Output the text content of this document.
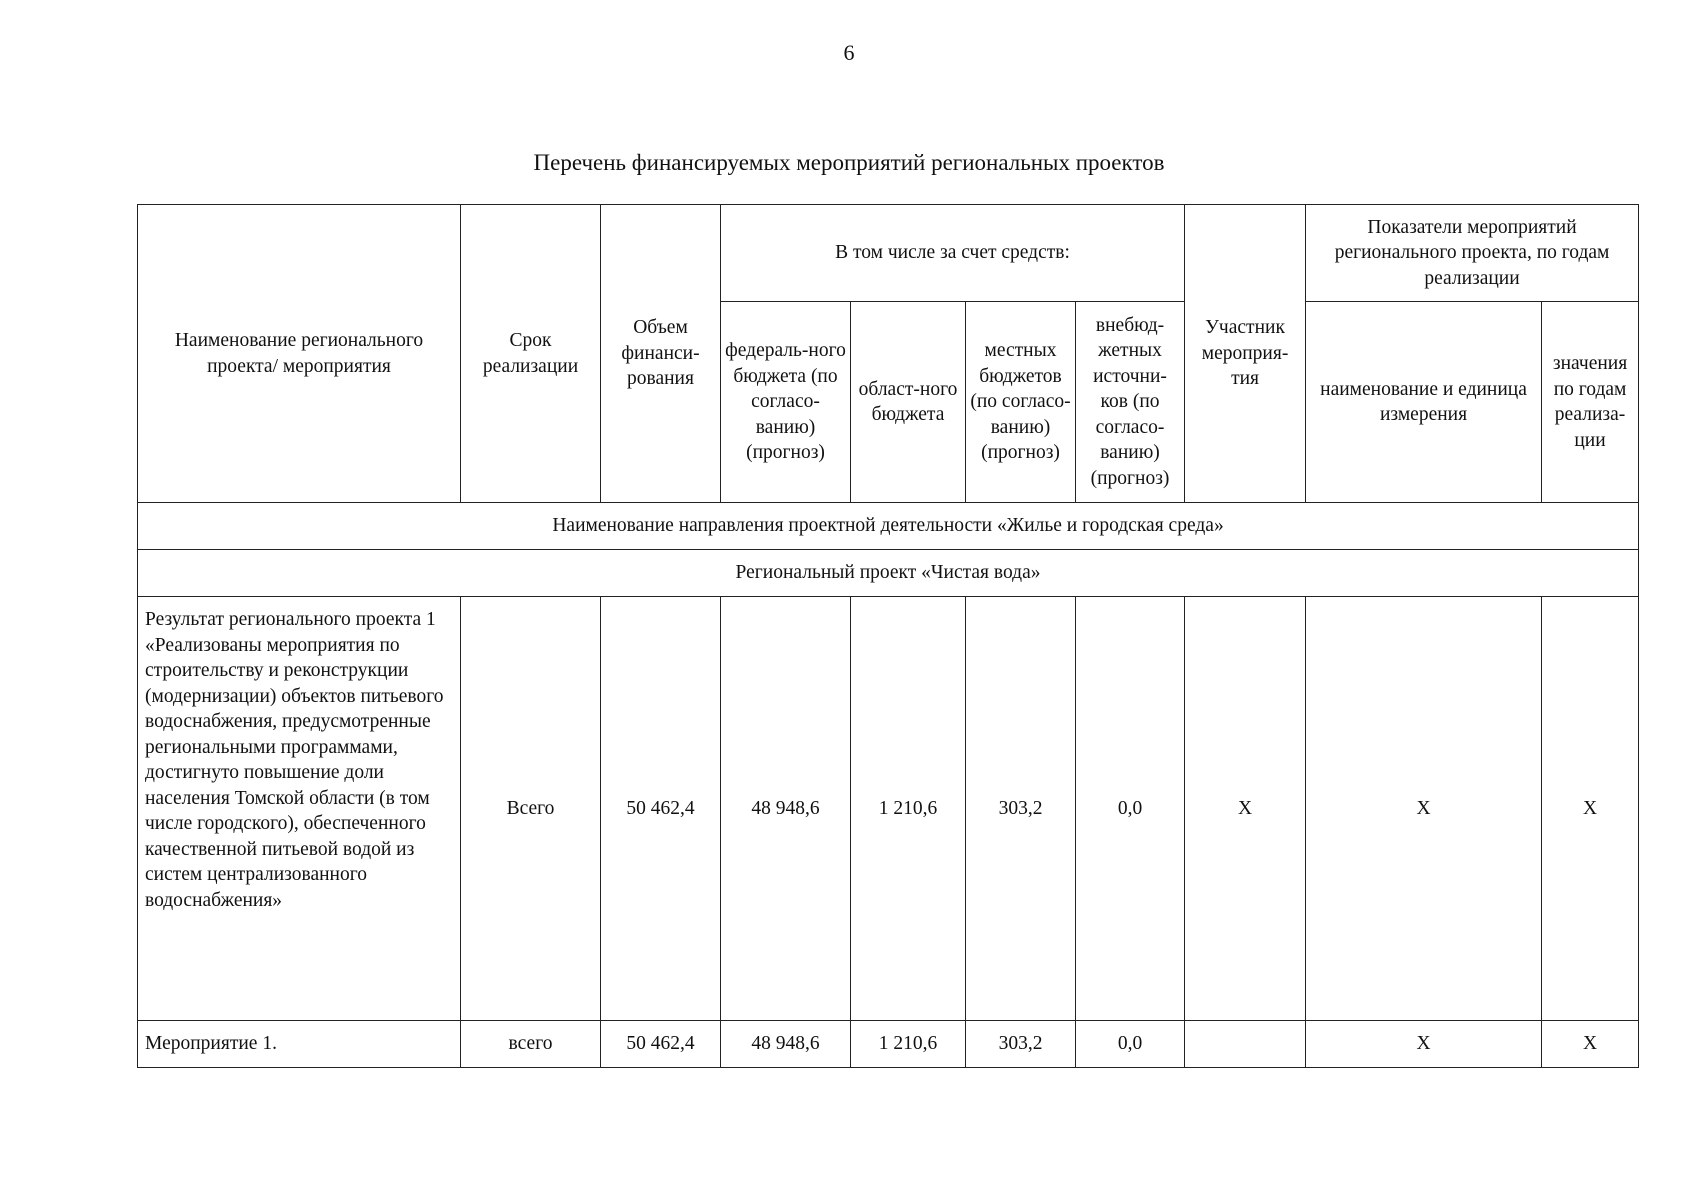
6
Перечень финансируемых мероприятий региональных проектов
Наименование регионального проекта/ мероприятия	Срок реализации	Объем финанси-рования	В том числе за счет средств:				Участник мероприя-тия	Показатели мероприятий регионального проекта, по годам реализации	
			федераль-ного бюджета (по согласо-ванию) (прогноз)	област-ного бюджета	местных бюджетов (по согласо-ванию) (прогноз)	внебюд-жетных источни-ков (по согласо-ванию) (прогноз)		наименование и единица измерения	значения по годам реализа-ции
Наименование направления проектной деятельности «Жилье и городская среда»									
Региональный проект «Чистая вода»									
Результат регионального проекта 1 «Реализованы мероприятия по строительству и реконструкции (модернизации) объектов питьевого водоснабжения, предусмотренные региональными программами, достигнуто повышение доли населения Томской области (в том числе городского), обеспеченного качественной питьевой водой из систем централизованного водоснабжения»	Всего	50 462,4	48 948,6	1 210,6	303,2	0,0	X	X	X
Мероприятие 1.	всего	50 462,4	48 948,6	1 210,6	303,2	0,0		X	X
